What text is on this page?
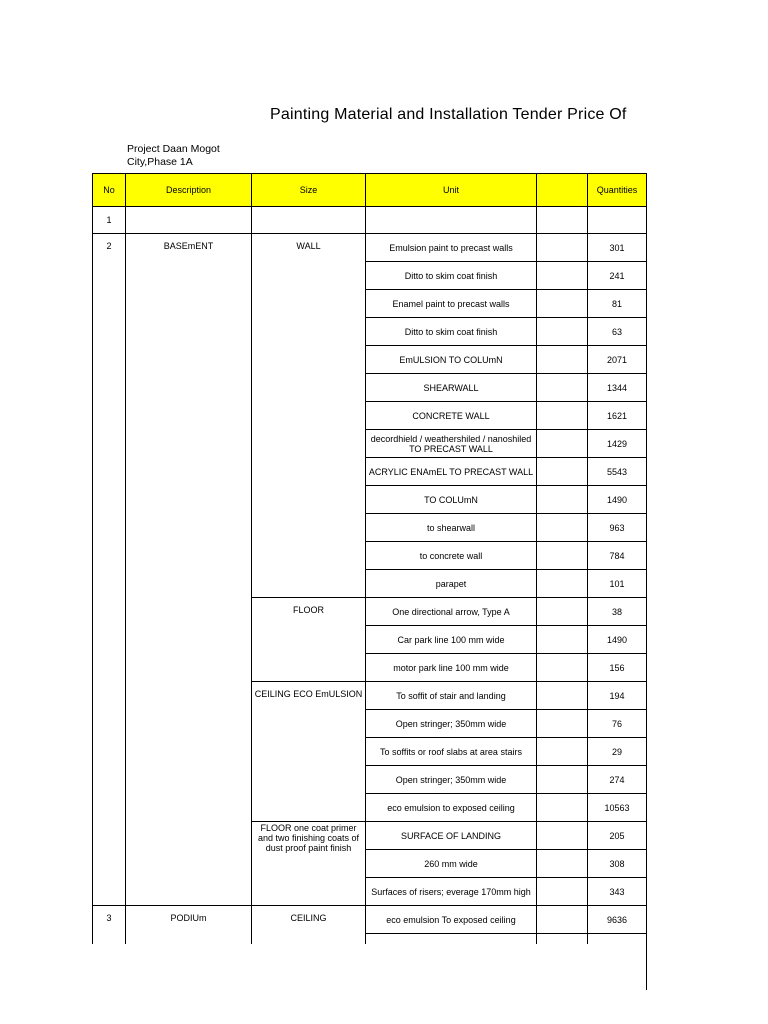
Painting Material and Installation Tender Price Of
Project Daan Mogot
City,Phase 1A
No	Description	Size	Unit		Quantities
1					
2	BASEmENT	WALL	Emulsion paint to precast walls		301
			Ditto to skim coat finish		241
			Enamel paint to precast walls		81
			Ditto to skim coat finish		63
			EmULSION TO COLUmN		2071
			SHEARWALL		1344
			CONCRETE WALL		1621
			decordhield / weathershiled / nanoshiled TO PRECAST WALL		1429
			ACRYLIC ENAmEL TO PRECAST WALL		5543
			TO COLUmN		1490
			to shearwall		963
			to concrete wall		784
			parapet		101
		FLOOR	One directional arrow, Type A		38
			Car park line 100 mm wide		1490
			motor park line 100 mm wide		156
		CEILING ECO EmULSION	To soffit of stair and landing		194
			Open stringer; 350mm wide		76
			To soffits or roof slabs at area stairs		29
			Open stringer; 350mm wide		274
			eco emulsion to exposed ceiling		10563
		FLOOR one coat primer and two finishing coats of dust proof paint finish	SURFACE OF LANDING		205
			260 mm wide		308
			Surfaces of risers; everage 170mm high		343
3	PODIUm	CEILING	eco emulsion To exposed ceiling		9636
